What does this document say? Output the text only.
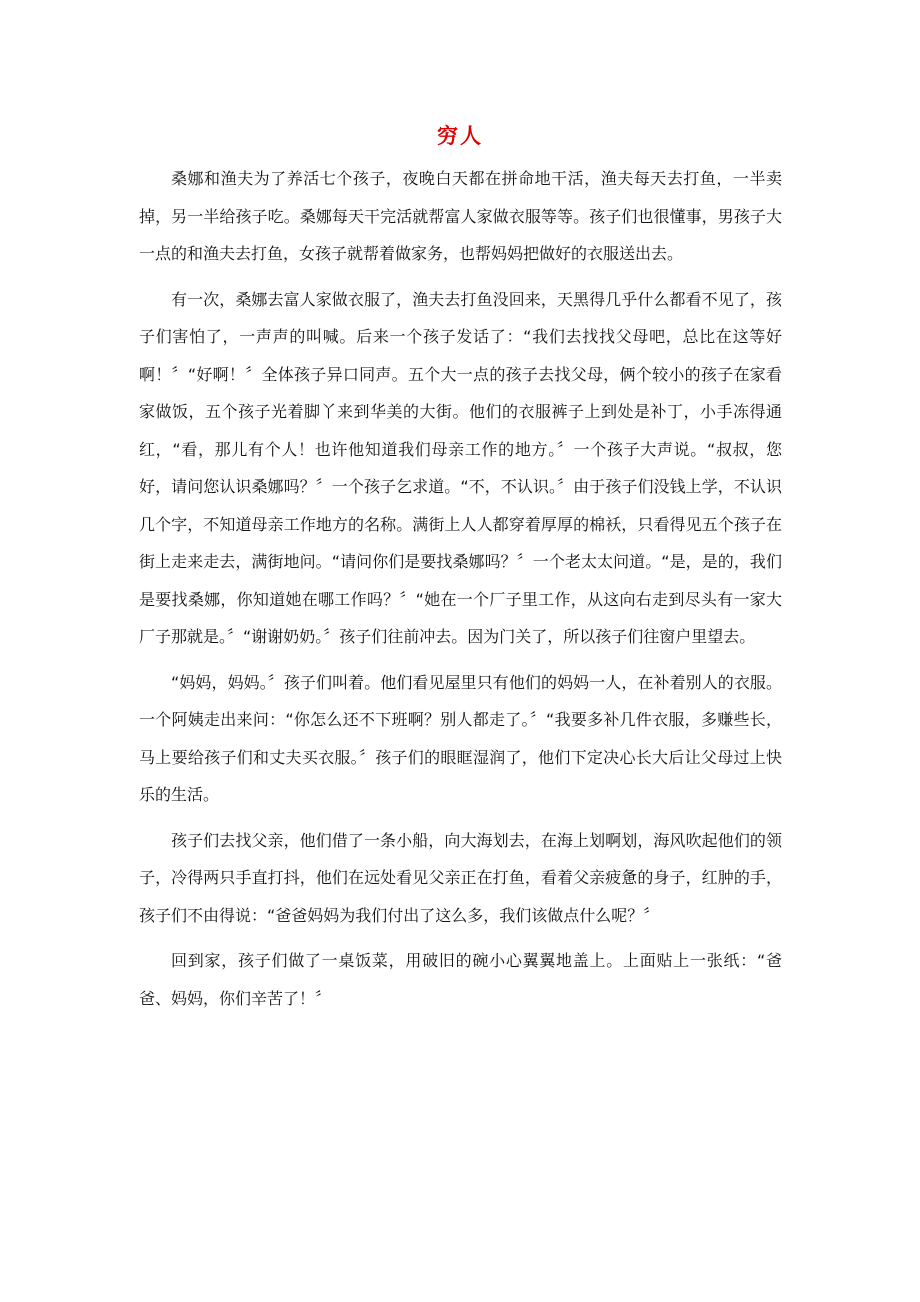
穷人

桑娜和渔夫为了养活七个孩子，夜晚白天都在拼命地干活，渔夫每天去打鱼，一半卖掉，另一半给孩子吃。桑娜每天干完活就帮富人家做衣服等等。孩子们也很懂事，男孩子大一点的和渔夫去打鱼，女孩子就帮着做家务，也帮妈妈把做好的衣服送出去。

有一次，桑娜去富人家做衣服了，渔夫去打鱼没回来，天黑得几乎什么都看不见了，孩子们害怕了，一声声的叫喊。后来一个孩子发话了：“我们去找找父母吧，总比在这等好啊！〞“好啊！〞全体孩子异口同声。五个大一点的孩子去找父母，俩个较小的孩子在家看家做饭，五个孩子光着脚丫来到华美的大街。他们的衣服裤子上到处是补丁，小手冻得通红，“看，那儿有个人！也许他知道我们母亲工作的地方。〞一个孩子大声说。“叔叔，您好，请问您认识桑娜吗？〞一个孩子乞求道。“不，不认识。〞由于孩子们没钱上学，不认识几个字，不知道母亲工作地方的名称。满街上人人都穿着厚厚的棉袄，只看得见五个孩子在街上走来走去，满街地问。“请问你们是要找桑娜吗？〞一个老太太问道。“是，是的，我们是要找桑娜，你知道她在哪工作吗？〞“她在一个厂子里工作，从这向右走到尽头有一家大厂子那就是。〞“谢谢奶奶。〞孩子们往前冲去。因为门关了，所以孩子们往窗户里望去。

“妈妈，妈妈。〞孩子们叫着。他们看见屋里只有他们的妈妈一人，在补着别人的衣服。一个阿姨走出来问：“你怎么还不下班啊？别人都走了。〞“我要多补几件衣服，多赚些长，马上要给孩子们和丈夫买衣服。〞孩子们的眼眶湿润了，他们下定决心长大后让父母过上快乐的生活。

孩子们去找父亲，他们借了一条小船，向大海划去，在海上划啊划，海风吹起他们的领子，冷得两只手直打抖，他们在远处看见父亲正在打鱼，看着父亲疲惫的身子，红肿的手，孩子们不由得说：“爸爸妈妈为我们付出了这么多，我们该做点什么呢？〞

回到家，孩子们做了一桌饭菜，用破旧的碗小心翼翼地盖上。上面贴上一张纸：“爸爸、妈妈，你们辛苦了！〞
